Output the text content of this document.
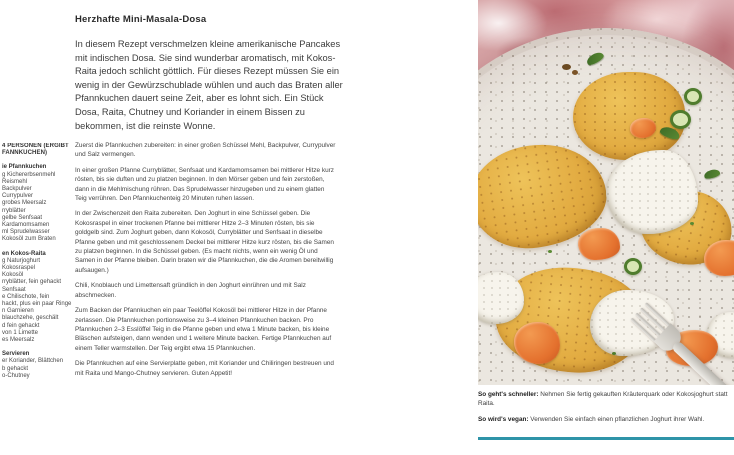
Herzhafte Mini-Masala-Dosa
In diesem Rezept verschmelzen kleine amerikanische Pancakes mit indischen Dosa. Sie sind wunderbar aromatisch, mit Kokos-Raita jedoch schlicht göttlich. Für dieses Rezept müssen Sie ein wenig in der Gewürzschublade wühlen und auch das Braten aller Pfannkuchen dauert seine Zeit, aber es lohnt sich. Ein Stück Dosa, Raita, Chutney und Koriander in einem Bissen zu bekommen, ist die reinste Wonne.
4 PERSONEN (ERGIBT
FANNKUCHEN)
ie Pfannkuchen
g Kichererbsenmehl
Reismehl
Backpulver
Currypulver
grobes Meersalz
rryblätter
gelbe Senfsaat
Kardamomsamen
ml Sprudelwasser
Kokosöl zum Braten
en Kokos-Raita
g Naturjoghurt
Kokosraspel
Kokosöl
rryblätter, fein gehackt
Senfsaat
e Chilischote, fein
hackt, plus ein paar Ringe
n Garnieren
blauchzehe, geschält
d fein gehackt
von 1 Limette
es Meersalz
Servieren
er Koriander, Blättchen
b gehackt
o-Chutney

Zuerst die Pfannkuchen zubereiten: in einer großen Schüssel Mehl, Backpulver, Currypulver und Salz vermengen.

In einer großen Pfanne Curryblätter, Senfsaat und Kardamomsamen bei mittlerer Hitze kurz rösten, bis sie duften und zu platzen beginnen. In den Mörser geben und fein zerstoßen, dann in die Mehlmischung rühren. Das Sprudelwasser hinzugeben und zu einem glatten Teig verrühren. Den Pfannkuchenteig 20 Minuten ruhen lassen.

In der Zwischenzeit den Raita zubereiten. Den Joghurt in eine Schüssel geben. Die Kokosraspel in einer trockenen Pfanne bei mittlerer Hitze 2–3 Minuten rösten, bis sie goldgelb sind. Zum Joghurt geben, dann Kokosöl, Curryblätter und Senfsaat in dieselbe Pfanne geben und mit geschlossenem Deckel bei mittlerer Hitze kurz rösten, bis die Samen zu platzen beginnen. In die Schüssel geben. (Es macht nichts, wenn ein wenig Öl und Samen in der Pfanne bleiben. Darin braten wir die Pfannkuchen, die die Aromen bereitwillig aufsaugen.)

Chili, Knoblauch und Limettensaft gründlich in den Joghurt einrühren und mit Salz abschmecken.

Zum Backen der Pfannkuchen ein paar Teelöffel Kokosöl bei mittlerer Hitze in der Pfanne zerlassen. Die Pfannkuchen portionsweise zu 3–4 kleinen Pfannkuchen backen. Pro Pfannkuchen 2–3 Esslöffel Teig in die Pfanne geben und etwa 1 Minute backen, bis kleine Bläschen aufsteigen, dann wenden und 1 weitere Minute backen. Fertige Pfannkuchen auf einem Teller warmstellen. Der Teig ergibt etwa 15 Pfannkuchen.

Die Pfannkuchen auf eine Servierplatte geben, mit Koriander und Chiliringen bestreuen und mit Raita und Mango-Chutney servieren. Guten Appetit!

So geht's schneller: Nehmen Sie fertig gekauften Kräuterquark oder Kokosjoghurt statt Raita.

So wird's vegan: Verwenden Sie einfach einen pflanzlichen Joghurt ihrer Wahl.
